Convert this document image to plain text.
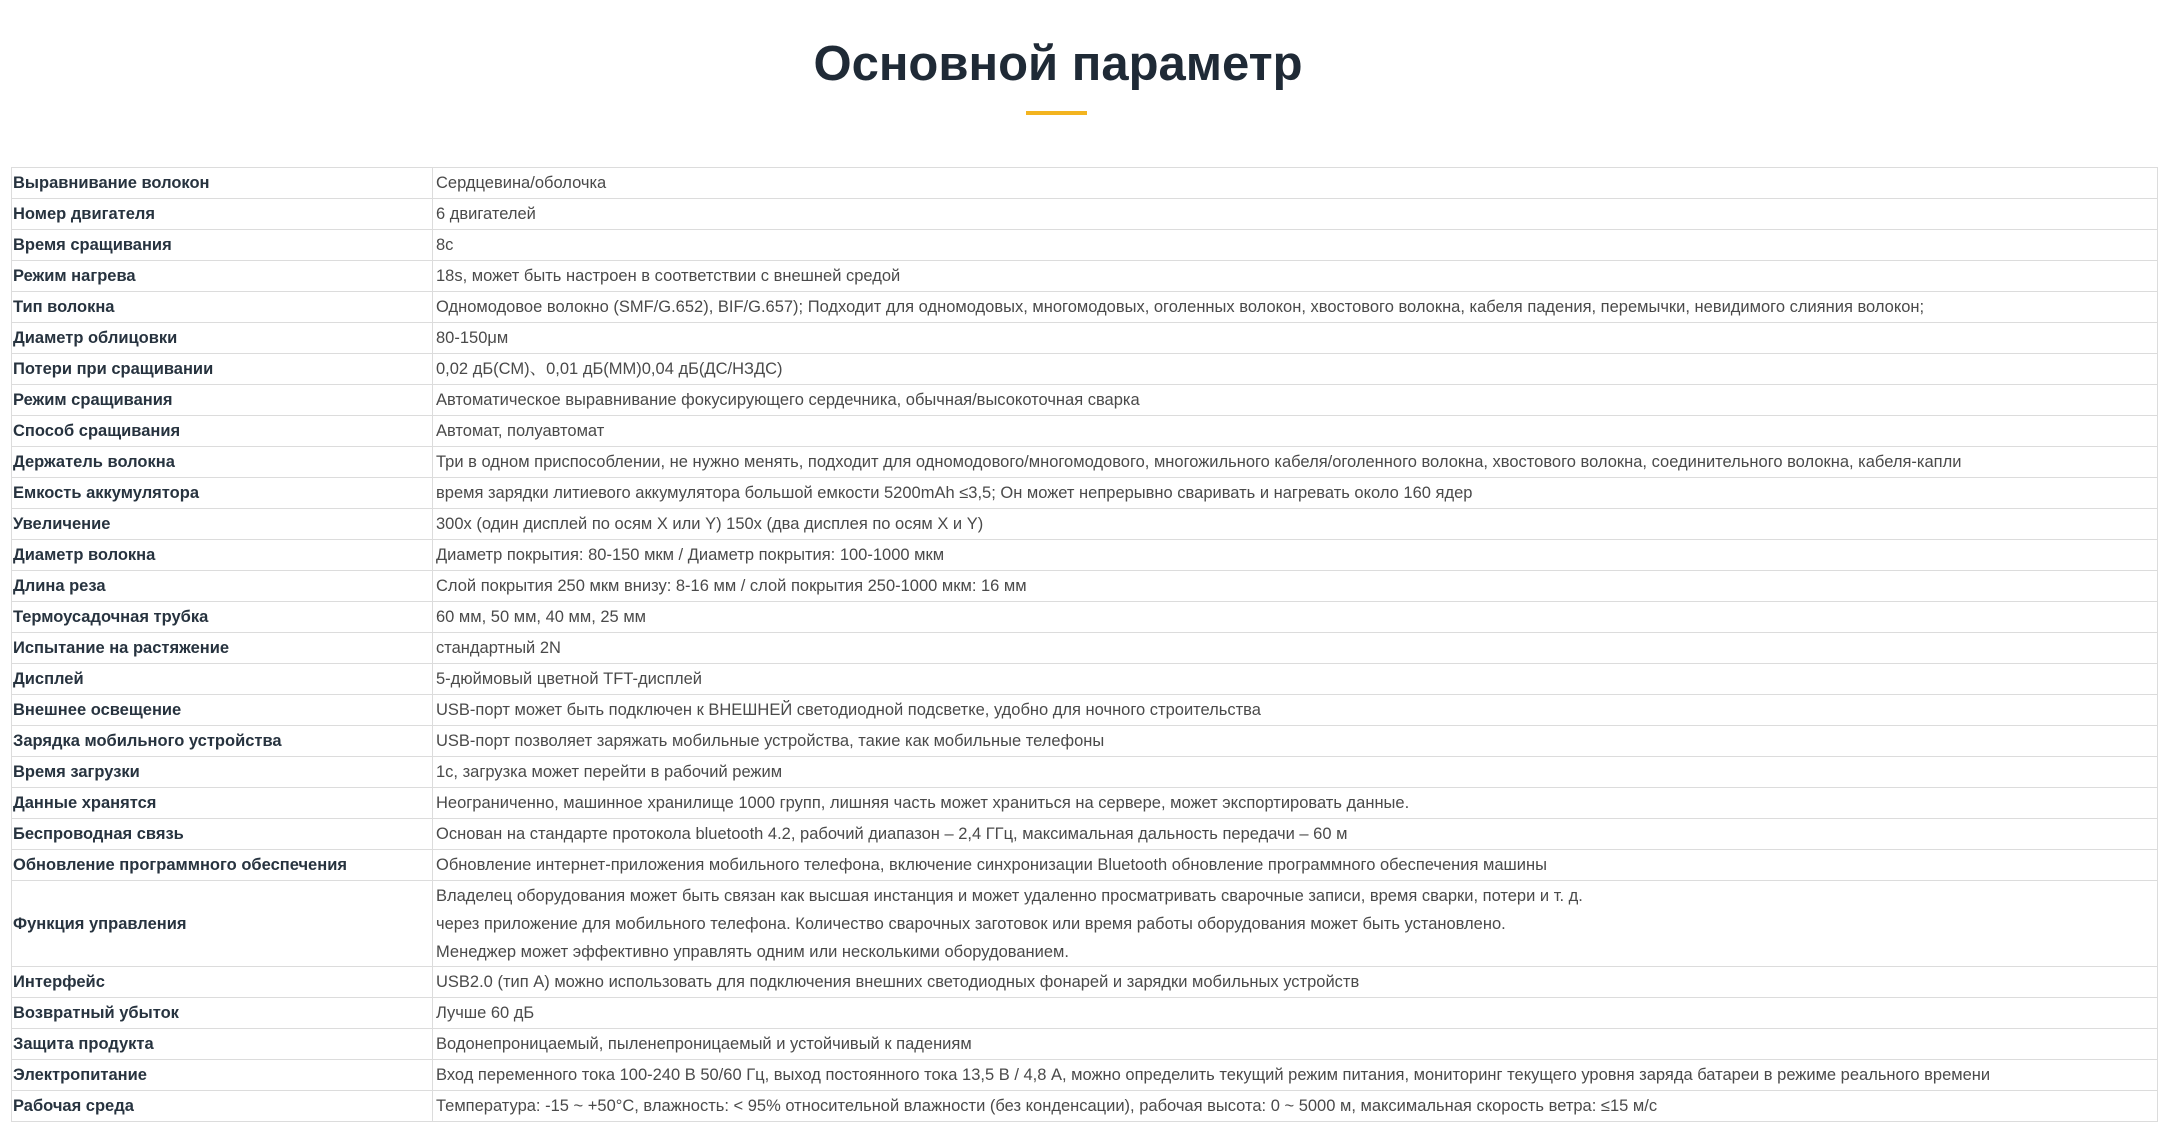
Основной параметр
Выравнивание волокон	Сердцевина/оболочка
Номер двигателя	6 двигателей
Время сращивания	8с
Режим нагрева	18s, может быть настроен в соответствии с внешней средой
Тип волокна	Одномодовое волокно (SMF/G.652), BIF/G.657); Подходит для одномодовых, многомодовых, оголенных волокон, хвостового волокна, кабеля падения, перемычки, невидимого слияния волокон;
Диаметр облицовки	80-150μм
Потери при сращивании	0,02 дБ(СМ)、0,01 дБ(ММ)0,04 дБ(ДС/НЗДС)
Режим сращивания	Автоматическое выравнивание фокусирующего сердечника, обычная/высокоточная сварка
Способ сращивания	Автомат, полуавтомат
Держатель волокна	Три в одном приспособлении, не нужно менять, подходит для одномодового/многомодового, многожильного кабеля/оголенного волокна, хвостового волокна, соединительного волокна, кабеля-капли
Емкость аккумулятора	время зарядки литиевого аккумулятора большой емкости 5200mAh ≤3,5; Он может непрерывно сваривать и нагревать около 160 ядер
Увеличение	300x (один дисплей по осям X или Y) 150x (два дисплея по осям X и Y)
Диаметр волокна	Диаметр покрытия: 80-150 мкм / Диаметр покрытия: 100-1000 мкм
Длина реза	Слой покрытия 250 мкм внизу: 8-16 мм / слой покрытия 250-1000 мкм: 16 мм
Термоусадочная трубка	60 мм, 50 мм, 40 мм, 25 мм
Испытание на растяжение	стандартный 2N
Дисплей	5-дюймовый цветной TFT-дисплей
Внешнее освещение	USB-порт может быть подключен к ВНЕШНЕЙ светодиодной подсветке, удобно для ночного строительства
Зарядка мобильного устройства	USB-порт позволяет заряжать мобильные устройства, такие как мобильные телефоны
Время загрузки	1с, загрузка может перейти в рабочий режим
Данные хранятся	Неограниченно, машинное хранилище 1000 групп, лишняя часть может храниться на сервере, может экспортировать данные.
Беспроводная связь	Основан на стандарте протокола bluetooth 4.2, рабочий диапазон – 2,4 ГГц, максимальная дальность передачи – 60 м
Обновление программного обеспечения	Обновление интернет-приложения мобильного телефона, включение синхронизации Bluetooth обновление программного обеспечения машины
Функция управления	Владелец оборудования может быть связан как высшая инстанция и может удаленно просматривать сварочные записи, время сварки, потери и т. д.
через приложение для мобильного телефона. Количество сварочных заготовок или время работы оборудования может быть установлено.
Менеджер может эффективно управлять одним или несколькими оборудованием.

Интерфейс	USB2.0 (тип A) можно использовать для подключения внешних светодиодных фонарей и зарядки мобильных устройств
Возвратный убыток	Лучше 60 дБ
Защита продукта	Водонепроницаемый, пыленепроницаемый и устойчивый к падениям
Электропитание	Вход переменного тока 100-240 В 50/60 Гц, выход постоянного тока 13,5 В / 4,8 А, можно определить текущий режим питания, мониторинг текущего уровня заряда батареи в режиме реального времени
Рабочая среда	Температура: -15 ~ +50°C, влажность: < 95% относительной влажности (без конденсации), рабочая высота: 0 ~ 5000 м, максимальная скорость ветра: ≤15 м/с
